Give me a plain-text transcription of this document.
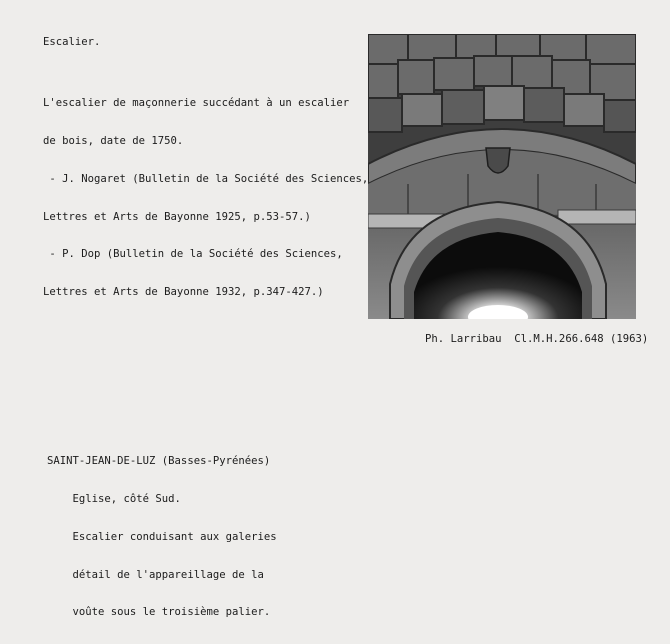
Escalier.

L'escalier de maçonnerie succédant à un escalier

de bois, date de 1750.

- J. Nogaret (Bulletin de la Société des Sciences,

Lettres et Arts de Bayonne 1925, p.53-57.)

- P. Dop (Bulletin de la Société des Sciences,

Lettres et Arts de Bayonne 1932, p.347-427.)

Ph. Larribau  Cl.M.H.266.648 (1963)

SAINT-JEAN-DE-LUZ (Basses-Pyrénées)

Eglise, côté Sud.

Escalier conduisant aux galeries

détail de l'appareillage de la

voûte sous le troisième palier.
